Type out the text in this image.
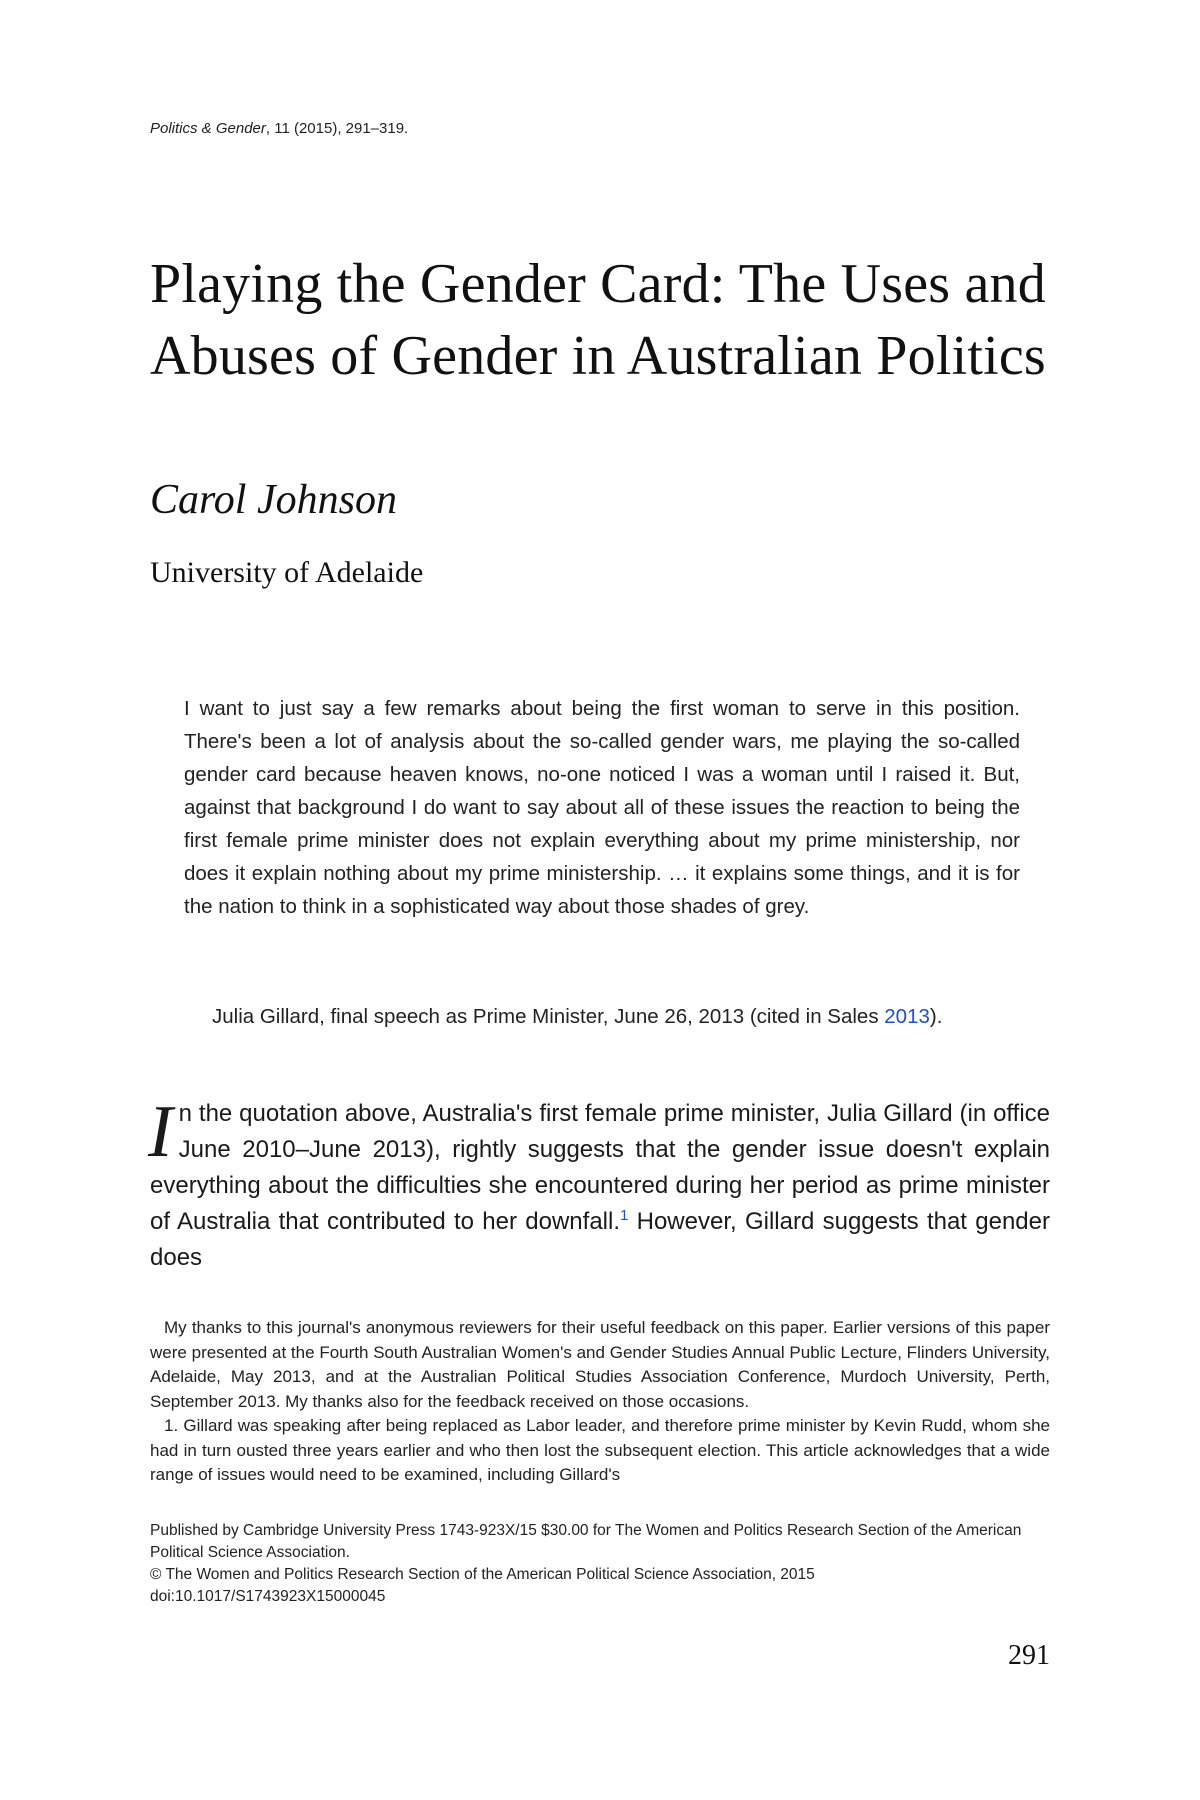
Politics & Gender, 11 (2015), 291–319.
Playing the Gender Card: The Uses and Abuses of Gender in Australian Politics
Carol Johnson
University of Adelaide

I want to just say a few remarks about being the first woman to serve in this position. There's been a lot of analysis about the so-called gender wars, me playing the so-called gender card because heaven knows, no-one noticed I was a woman until I raised it. But, against that background I do want to say about all of these issues the reaction to being the first female prime minister does not explain everything about my prime ministership, nor does it explain nothing about my prime ministership. … it explains some things, and it is for the nation to think in a sophisticated way about those shades of grey.

Julia Gillard, final speech as Prime Minister, June 26, 2013 (cited in Sales 2013).

In the quotation above, Australia's first female prime minister, Julia Gillard (in office June 2010–June 2013), rightly suggests that the gender issue doesn't explain everything about the difficulties she encountered during her period as prime minister of Australia that contributed to her downfall.$^1$ However, Gillard suggests that gender does

My thanks to this journal's anonymous reviewers for their useful feedback on this paper. Earlier versions of this paper were presented at the Fourth South Australian Women's and Gender Studies Annual Public Lecture, Flinders University, Adelaide, May 2013, and at the Australian Political Studies Association Conference, Murdoch University, Perth, September 2013. My thanks also for the feedback received on those occasions.

1. Gillard was speaking after being replaced as Labor leader, and therefore prime minister by Kevin Rudd, whom she had in turn ousted three years earlier and who then lost the subsequent election. This article acknowledges that a wide range of issues would need to be examined, including Gillard's

Published by Cambridge University Press 1743-923X/15 $30.00 for The Women and Politics Research Section of the American Political Science Association.

© The Women and Politics Research Section of the American Political Science Association, 2015

doi:10.1017/S1743923X15000045

291
